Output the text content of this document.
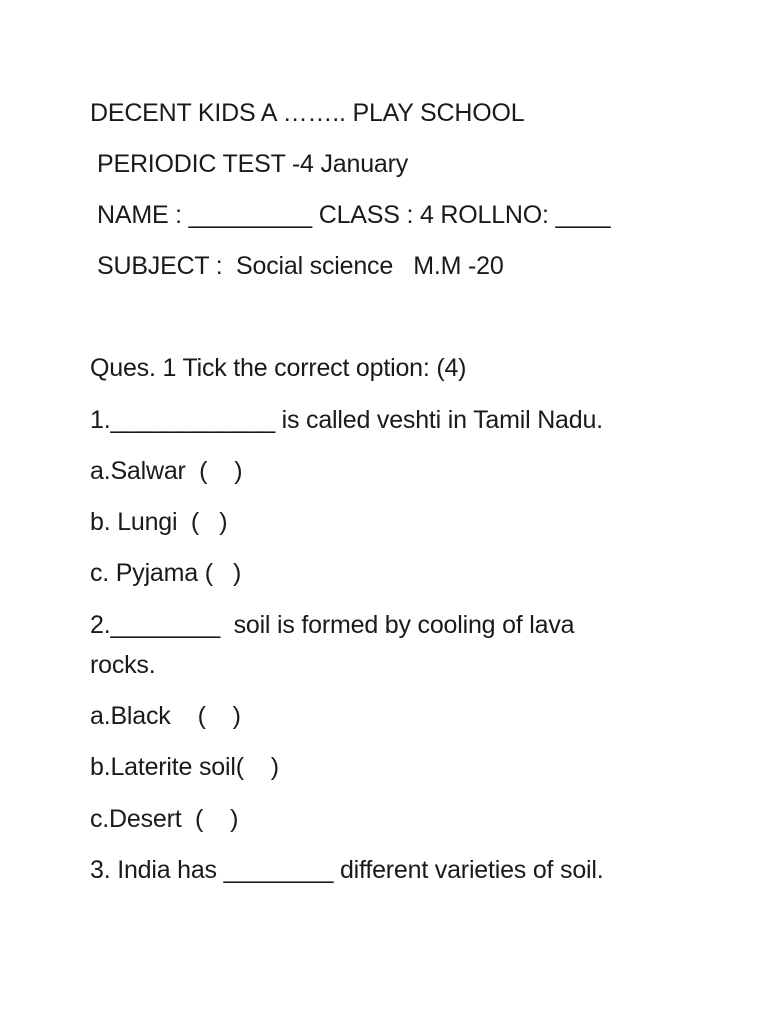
DECENT KIDS A …….. PLAY SCHOOL

PERIODIC TEST -4 January

NAME : _________ CLASS : 4 ROLLNO: ____

SUBJECT :  Social science   M.M -20

Ques. 1 Tick the correct option: (4)

1.____________ is called veshti in Tamil Nadu.

a.Salwar  (    )

b. Lungi  (   )

c. Pyjama (   )

2.________  soil is formed by cooling of lava

rocks.

a.Black    (    )

b.Laterite soil(    )

c.Desert  (    )

3. India has ________ different varieties of soil.
